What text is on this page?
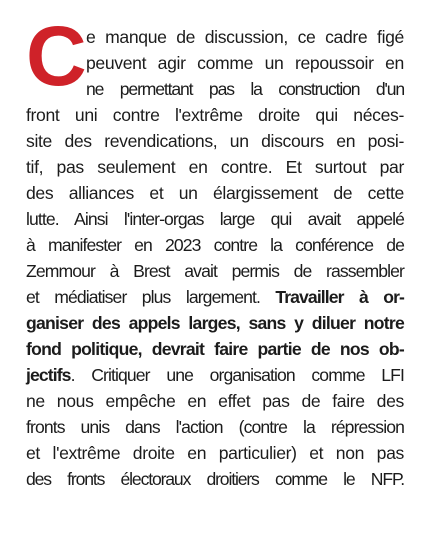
C e manque de discussion, ce cadre figé
peuvent agir comme un repoussoir en
ne permettant pas la construction d'un
front uni contre l'extrême droite qui néces-
site des revendications, un discours en posi-
tif, pas seulement en contre. Et surtout par
des alliances et un élargissement de cette
lutte. Ainsi l'inter-orgas large qui avait appelé
à manifester en 2023 contre la conférence de
Zemmour à Brest avait permis de rassembler
et médiatiser plus largement. Travailler à or-
ganiser des appels larges, sans y diluer notre
fond politique, devrait faire partie de nos ob-
jectifs. Critiquer une organisation comme LFI
ne nous empêche en effet pas de faire des
fronts unis dans l'action (contre la répression
et l'extrême droite en particulier) et non pas
des fronts électoraux droitiers comme le NFP.
